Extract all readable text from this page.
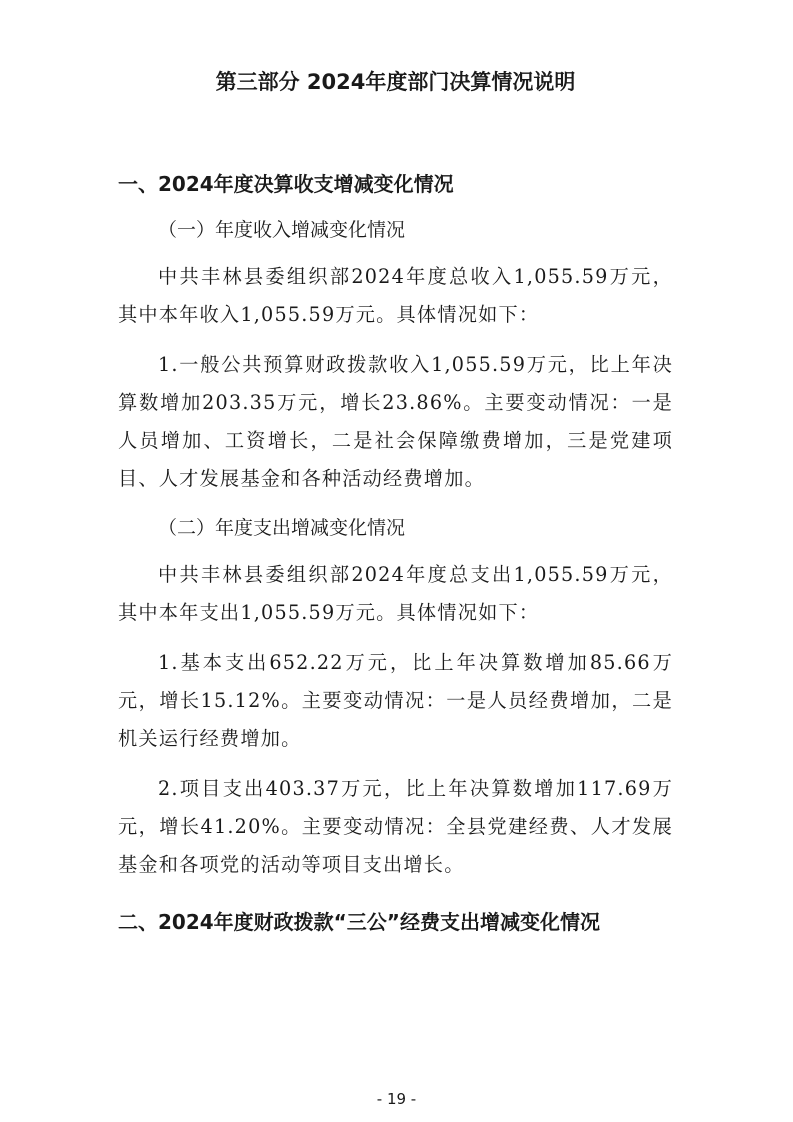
第三部分 2024年度部门决算情况说明
一、2024年度决算收支增减变化情况

（一）年度收入增减变化情况

中共丰林县委组织部2024年度总收入1,055.59万元，其中本年收入1,055.59万元。具体情况如下：

1.一般公共预算财政拨款收入1,055.59万元，比上年决算数增加203.35万元，增长23.86%。主要变动情况：一是人员增加、工资增长，二是社会保障缴费增加，三是党建项目、人才发展基金和各种活动经费增加。

（二）年度支出增减变化情况

中共丰林县委组织部2024年度总支出1,055.59万元，其中本年支出1,055.59万元。具体情况如下：

1.基本支出652.22万元，比上年决算数增加85.66万元，增长15.12%。主要变动情况：一是人员经费增加，二是机关运行经费增加。

2.项目支出403.37万元，比上年决算数增加117.69万元，增长41.20%。主要变动情况：全县党建经费、人才发展基金和各项党的活动等项目支出增长。

二、2024年度财政拨款“三公”经费支出增减变化情况
- 19 -
